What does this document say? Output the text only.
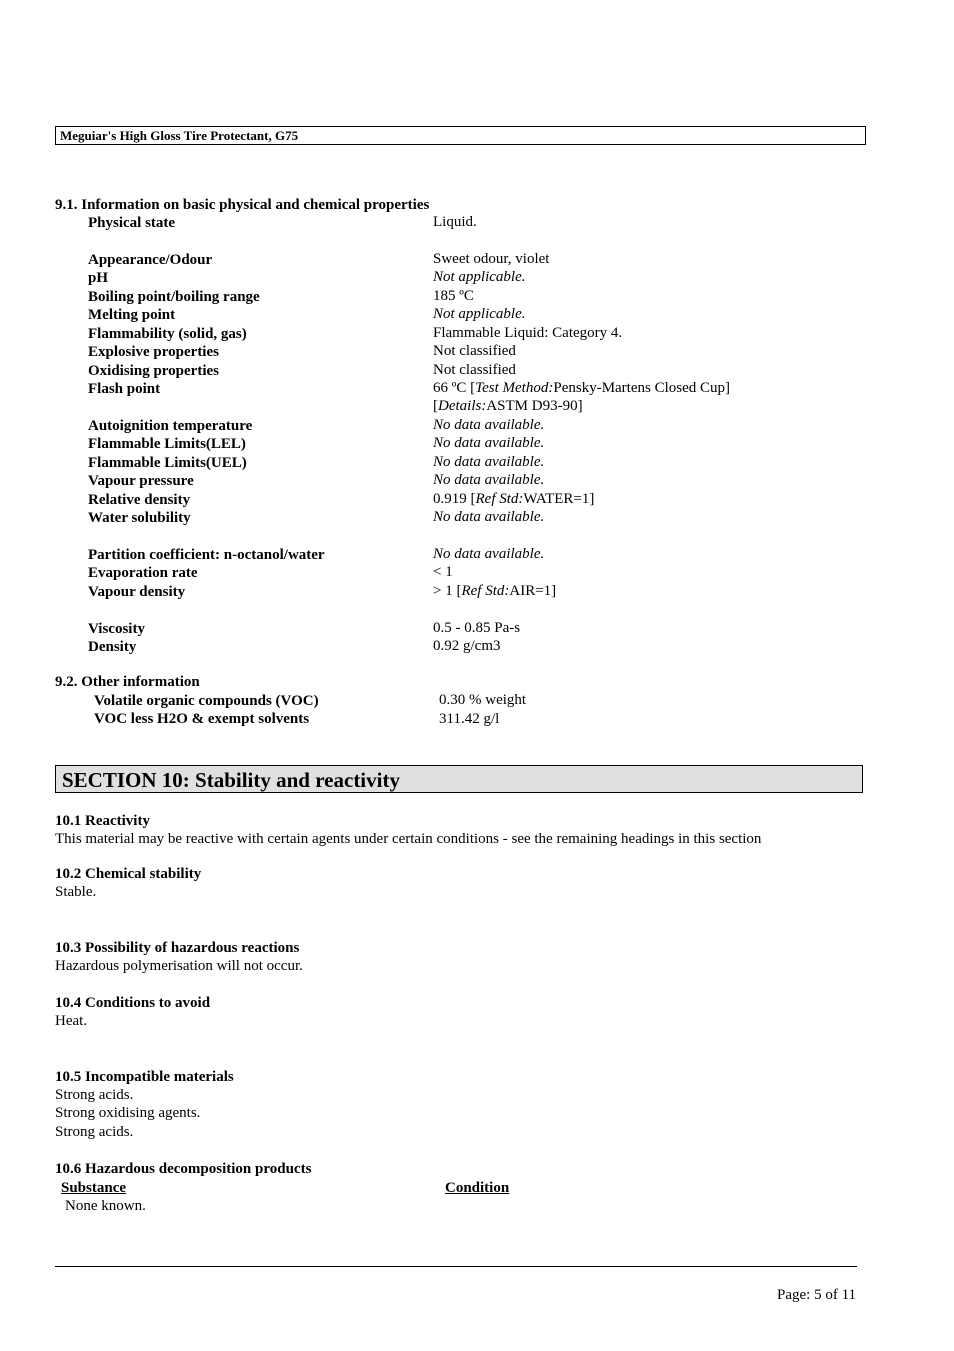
Meguiar's High Gloss Tire Protectant, G75
9.1. Information on basic physical and chemical properties
Physical state	Liquid.
Appearance/Odour	Sweet odour, violet
pH	Not applicable.
Boiling point/boiling range	185 ºC
Melting point	Not applicable.
Flammability (solid, gas)	Flammable Liquid: Category 4.
Explosive properties	Not classified
Oxidising properties	Not classified
Flash point	66 ºC [Test Method:Pensky-Martens Closed Cup]
[Details:ASTM D93-90]
Autoignition temperature	No data available.
Flammable Limits(LEL)	No data available.
Flammable Limits(UEL)	No data available.
Vapour pressure	No data available.
Relative density	0.919 [Ref Std:WATER=1]
Water solubility	No data available.
Partition coefficient: n-octanol/water	No data available.
Evaporation rate	< 1
Vapour density	> 1 [Ref Std:AIR=1]
Viscosity	0.5 - 0.85 Pa-s
Density	0.92 g/cm3
9.2. Other information
Volatile organic compounds (VOC)	0.30 % weight
VOC less H2O & exempt solvents	311.42 g/l
SECTION 10: Stability and reactivity
10.1 Reactivity
This material may be reactive with certain agents under certain conditions - see the remaining headings in this section
10.2 Chemical stability
Stable.
10.3 Possibility of hazardous reactions
Hazardous polymerisation will not occur.
10.4 Conditions to avoid
Heat.
10.5 Incompatible materials
Strong acids.
Strong oxidising agents.
Strong acids.
10.6 Hazardous decomposition products
Substance	Condition
None known.
Page: 5 of 11
